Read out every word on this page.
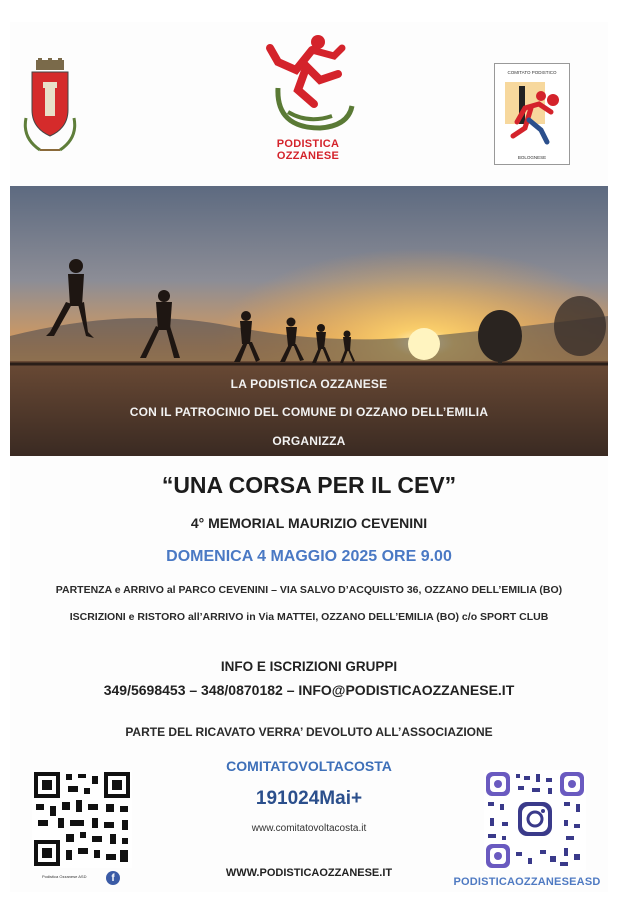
PODISTICA OZZANESE
COMITATO PODISTICO
BOLOGNESE
LA PODISTICA OZZANESE
CON IL PATROCINIO DEL COMUNE DI OZZANO DELL’EMILIA
ORGANIZZA
“UNA CORSA PER IL CEV”
4° MEMORIAL MAURIZIO CEVENINI
DOMENICA 4 MAGGIO 2025 ORE 9.00
PARTENZA e ARRIVO al PARCO CEVENINI – VIA SALVO D’ACQUISTO 36, OZZANO DELL’EMILIA (BO)
ISCRIZIONI e RISTORO all’ARRIVO in Via MATTEI, OZZANO DELL’EMILIA (BO) c/o SPORT CLUB
INFO E ISCRIZIONI GRUPPI
349/5698453 – 348/0870182 – INFO@PODISTICAOZZANESE.IT
PARTE DEL RICAVATO VERRA’ DEVOLUTO ALL’ASSOCIAZIONE
COMITATOVOLTACOSTA
191024Mai+
www.comitatovoltacosta.it
WWW.PODISTICAOZZANESE.IT
Podistica Ozzanese ASD	f	PODISTICAOZZANESEASD
